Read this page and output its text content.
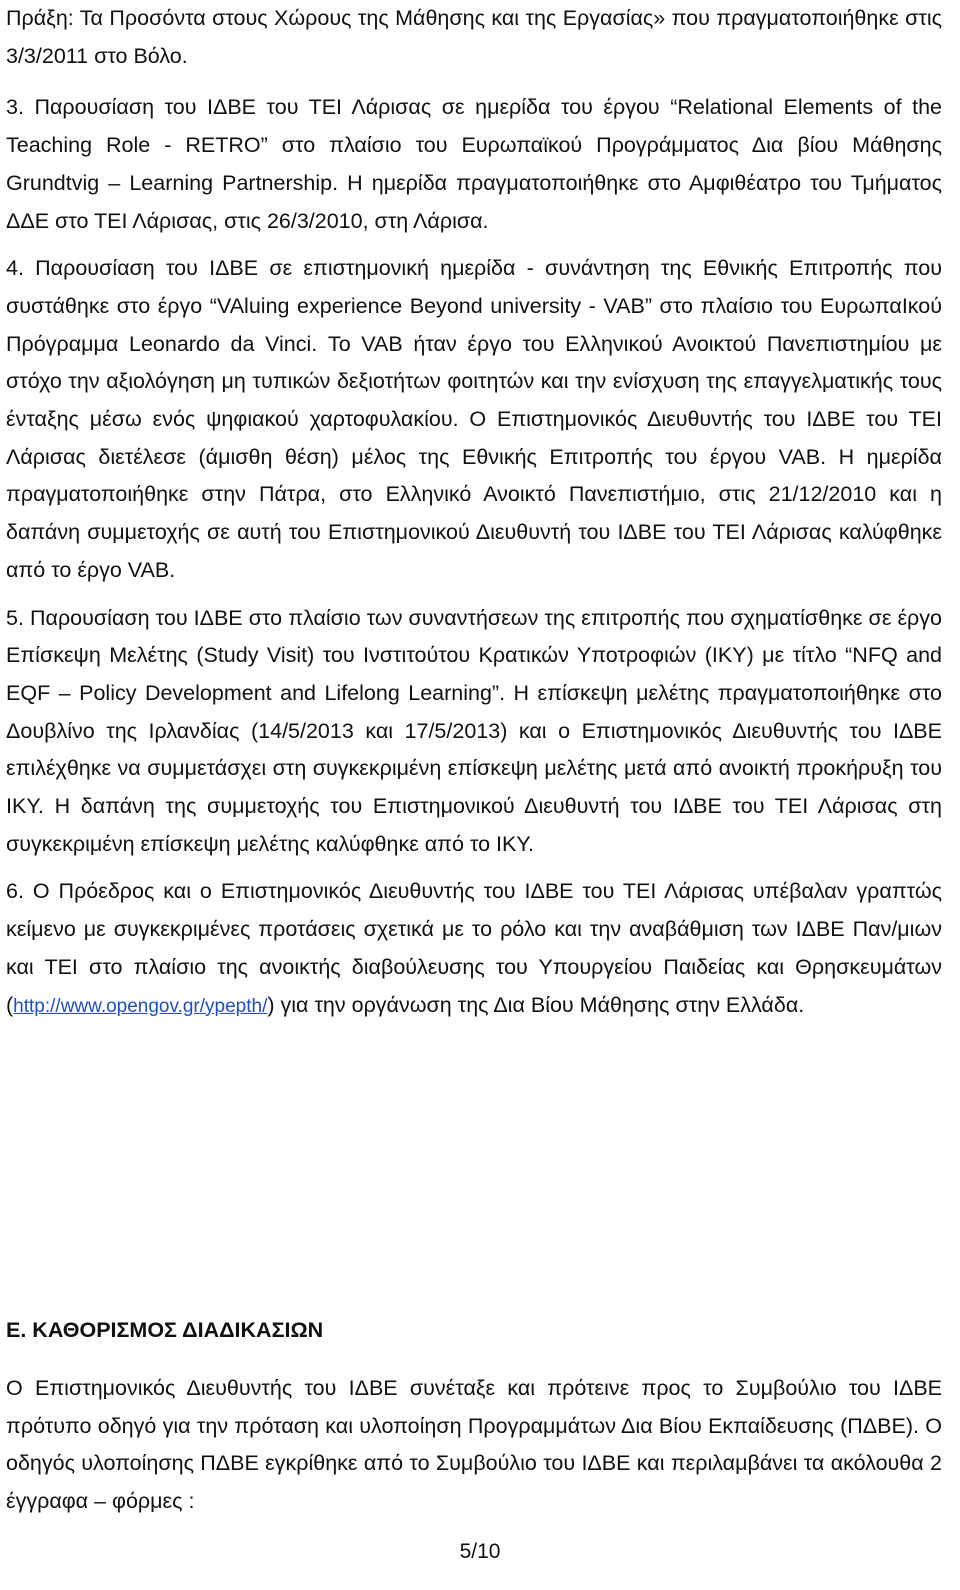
Πράξη: Τα Προσόντα στους Χώρους της Μάθησης και της Εργασίας» που πραγματοποιήθηκε στις 3/3/2011 στο Βόλο.

3. Παρουσίαση του ΙΔΒΕ του ΤΕΙ Λάρισας σε ημερίδα του έργου “Relational Elements of the Teaching Role - RETRO” στο πλαίσιο του Ευρωπαϊκού Προγράμματος Δια βίου Μάθησης Grundtvig – Learning Partnership. Η ημερίδα πραγματοποιήθηκε στο Αμφιθέατρο του Τμήματος ΔΔΕ στο ΤΕΙ Λάρισας, στις 26/3/2010, στη Λάρισα.

4. Παρουσίαση του ΙΔΒΕ σε επιστημονική ημερίδα - συνάντηση της Εθνικής Επιτροπής που συστάθηκε στο έργο “VAluing experience Beyond university - VAB” στο πλαίσιο του ΕυρωπαΙκού Πρόγραμμα Leonardo da Vinci. Το VAB ήταν έργο του Ελληνικού Ανοικτού Πανεπιστημίου με στόχο την αξιολόγηση μη τυπικών δεξιοτήτων φοιτητών και την ενίσχυση της επαγγελματικής τους ένταξης μέσω ενός ψηφιακού χαρτοφυλακίου. Ο Επιστημονικός Διευθυντής του ΙΔΒΕ του ΤΕΙ Λάρισας διετέλεσε (άμισθη θέση) μέλος της Εθνικής Επιτροπής του έργου VAB. Η ημερίδα πραγματοποιήθηκε στην Πάτρα, στο Ελληνικό Ανοικτό Πανεπιστήμιο, στις 21/12/2010 και η δαπάνη συμμετοχής σε αυτή του Επιστημονικού Διευθυντή του ΙΔΒΕ του ΤΕΙ Λάρισας καλύφθηκε από το έργο VAB.

5. Παρουσίαση του ΙΔΒΕ στο πλαίσιο των συναντήσεων της επιτροπής που σχηματίσθηκε σε έργο Επίσκεψη Μελέτης (Study Visit) του Ινστιτούτου Κρατικών Υποτροφιών (ΙΚΥ) με τίτλο “NFQ and EQF – Policy Development and Lifelong Learning”. Η επίσκεψη μελέτης πραγματοποιήθηκε στο Δουβλίνο της Ιρλανδίας (14/5/2013 και 17/5/2013) και ο Επιστημονικός Διευθυντής του ΙΔΒΕ επιλέχθηκε να συμμετάσχει στη συγκεκριμένη επίσκεψη μελέτης μετά από ανοικτή προκήρυξη του ΙΚΥ. Η δαπάνη της συμμετοχής του Επιστημονικού Διευθυντή του ΙΔΒΕ του ΤΕΙ Λάρισας στη συγκεκριμένη επίσκεψη μελέτης καλύφθηκε από το ΙΚΥ.

6. Ο Πρόεδρος και ο Επιστημονικός Διευθυντής του ΙΔΒΕ του ΤΕΙ Λάρισας υπέβαλαν γραπτώς κείμενο με συγκεκριμένες προτάσεις σχετικά με το ρόλο και την αναβάθμιση των ΙΔΒΕ Παν/μιων και ΤΕΙ στο πλαίσιο της ανοικτής διαβούλευσης του Υπουργείου Παιδείας και Θρησκευμάτων (http://www.opengov.gr/ypepth/) για την οργάνωση της Δια Βίου Μάθησης στην Ελλάδα.

Ε. ΚΑΘΟΡΙΣΜΟΣ ΔΙΑΔΙΚΑΣΙΩΝ

Ο Επιστημονικός Διευθυντής του ΙΔΒΕ συνέταξε και πρότεινε προς το Συμβούλιο του ΙΔΒΕ πρότυπο οδηγό για την πρόταση και υλοποίηση Προγραμμάτων Δια Βίου Εκπαίδευσης (ΠΔΒΕ). Ο οδηγός υλοποίησης ΠΔΒΕ εγκρίθηκε από το Συμβούλιο του ΙΔΒΕ και περιλαμβάνει τα ακόλουθα 2 έγγραφα – φόρμες :

5/10
